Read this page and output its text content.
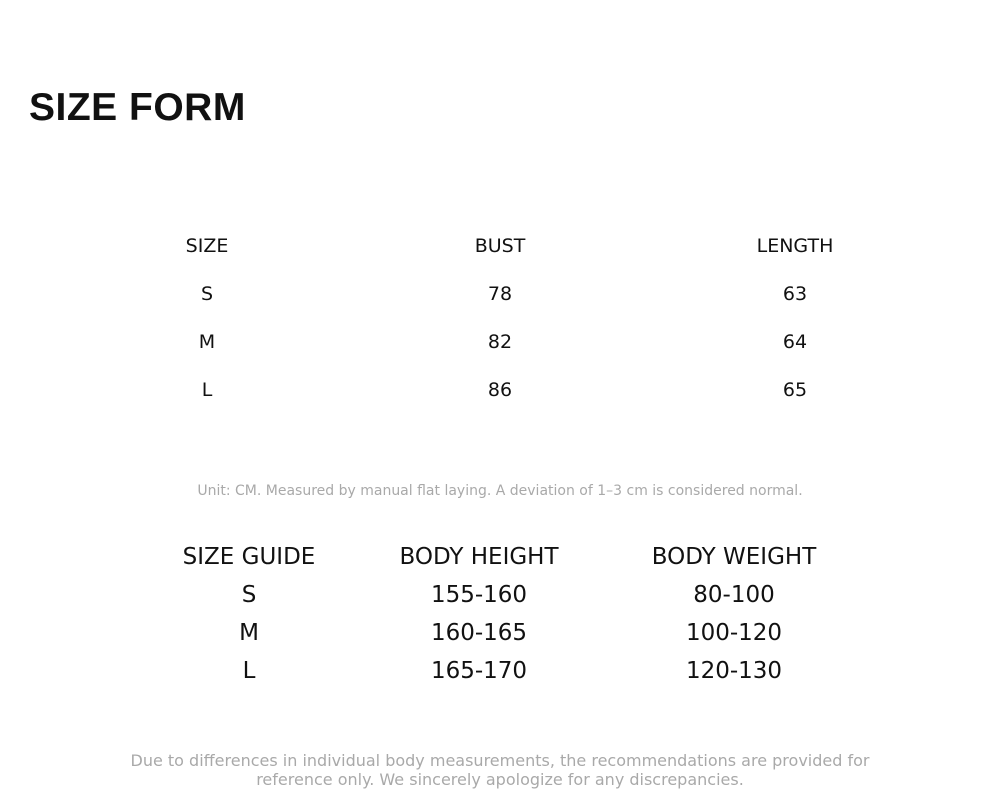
SIZE FORM
SIZE	BUST	LENGTH
S	78	63
M	82	64
L	86	65
Unit: CM. Measured by manual flat laying. A deviation of 1–3 cm is considered normal.
SIZE GUIDE	BODY HEIGHT	BODY WEIGHT
S	155-160	80-100
M	160-165	100-120
L	165-170	120-130
Due to differences in individual body measurements, the recommendations are provided for
reference only. We sincerely apologize for any discrepancies.
